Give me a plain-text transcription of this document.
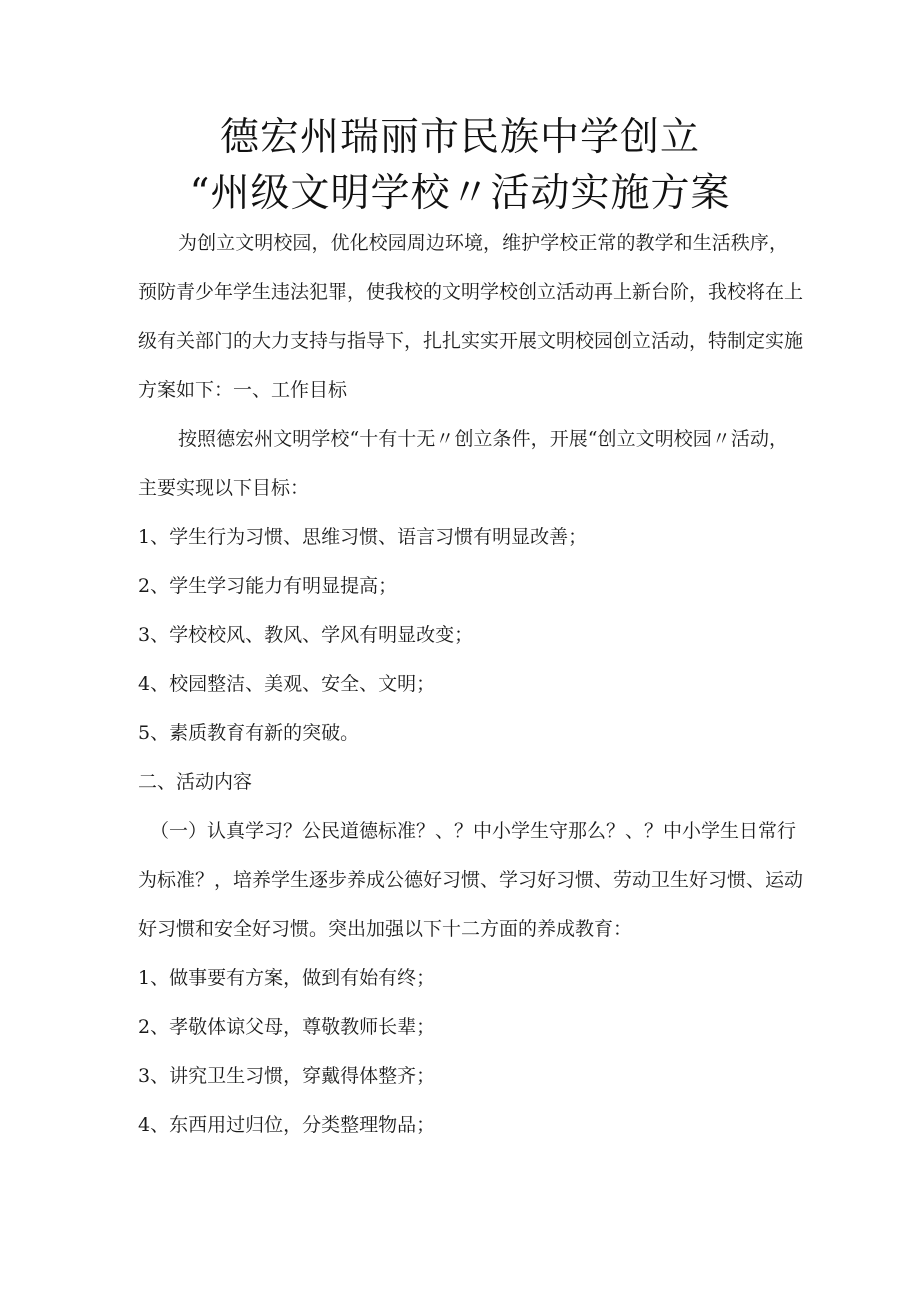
德宏州瑞丽市民族中学创立
“州级文明学校〃活动实施方案
为创立文明校园，优化校园周边环境，维护学校正常的教学和生活秩序，
预防青少年学生违法犯罪，使我校的文明学校创立活动再上新台阶，我校将在上
级有关部门的大力支持与指导下，扎扎实实开展文明校园创立活动，特制定实施
方案如下：一、工作目标
按照德宏州文明学校“十有十无〃创立条件，开展“创立文明校园〃活动，
主要实现以下目标：
1、学生行为习惯、思维习惯、语言习惯有明显改善；
2、学生学习能力有明显提高；
3、学校校风、教风、学风有明显改变；
4、校园整洁、美观、安全、文明；
5、素质教育有新的突破。
二、活动内容
（一）认真学习？公民道德标准？、？中小学生守那么？、？中小学生日常行
为标准？，培养学生逐步养成公德好习惯、学习好习惯、劳动卫生好习惯、运动
好习惯和安全好习惯。突出加强以下十二方面的养成教育：
1、做事要有方案，做到有始有终；
2、孝敬体谅父母，尊敬教师长辈；
3、讲究卫生习惯，穿戴得体整齐；
4、东西用过归位，分类整理物品；
